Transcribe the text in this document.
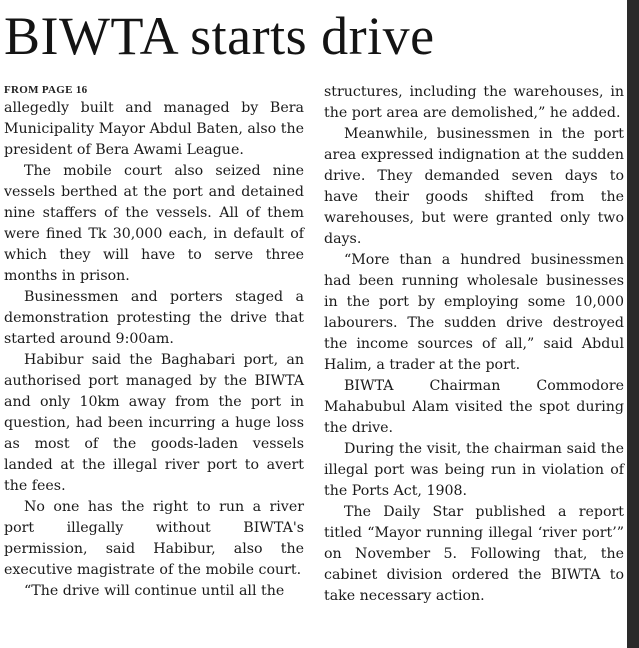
BIWTA starts drive
FROM PAGE 16

allegedly built and managed by Bera Municipality Mayor Abdul Baten, also the president of Bera Awami League.

The mobile court also seized nine vessels berthed at the port and detained nine staffers of the vessels. All of them were fined Tk 30,000 each, in default of which they will have to serve three months in prison.

Businessmen and porters staged a demonstration protesting the drive that started around 9:00am.

Habibur said the Baghabari port, an authorised port managed by the BIWTA and only 10km away from the port in question, had been incurring a huge loss as most of the goods-laden vessels landed at the illegal river port to avert the fees.

No one has the right to run a river port illegally without BIWTA's permission, said Habibur, also the executive magistrate of the mobile court.

“The drive will continue until all the

structures, including the warehouses, in the port area are demolished,” he added.

Meanwhile, businessmen in the port area expressed indignation at the sudden drive. They demanded seven days to have their goods shifted from the warehouses, but were granted only two days.

“More than a hundred businessmen had been running wholesale businesses in the port by employing some 10,000 labourers. The sudden drive destroyed the income sources of all,” said Abdul Halim, a trader at the port.

BIWTA Chairman Commodore Mahabubul Alam visited the spot during the drive.

During the visit, the chairman said the illegal port was being run in violation of the Ports Act, 1908.

The Daily Star published a report titled “Mayor running illegal ‘river port’” on November 5. Following that, the cabinet division ordered the BIWTA to take necessary action.
